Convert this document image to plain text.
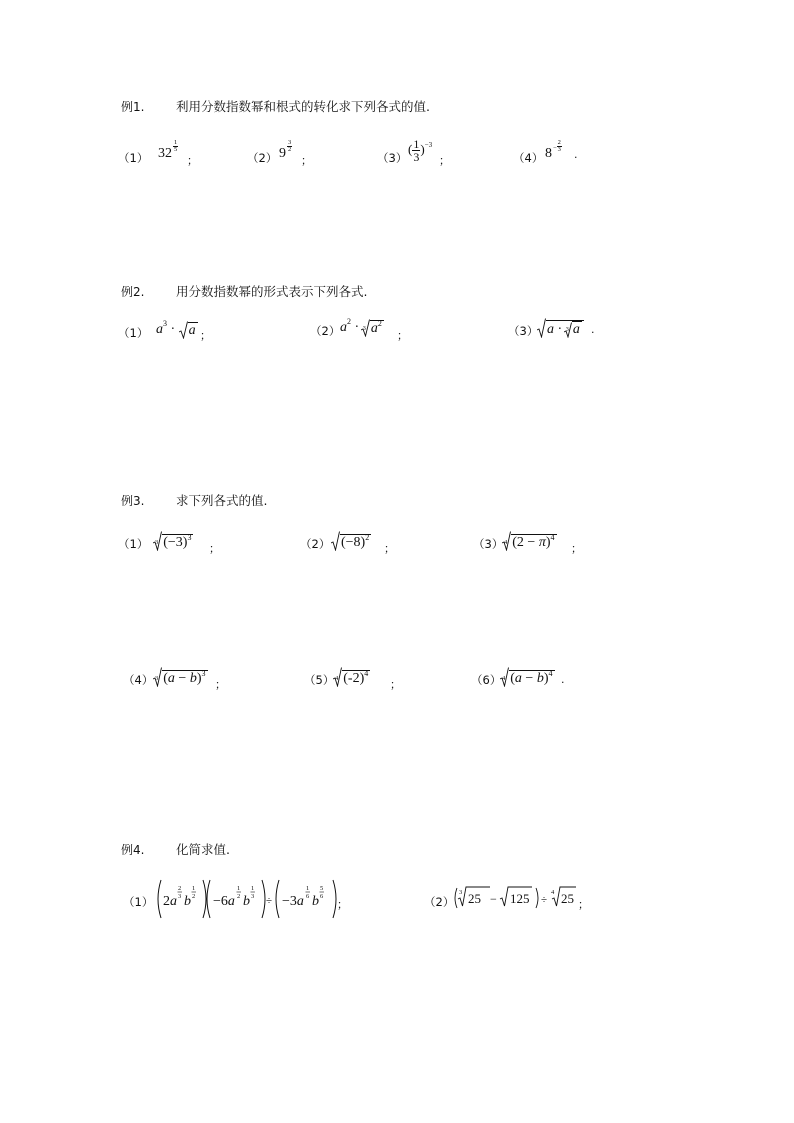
例1.	利用分数指数幂和根式的转化求下列各式的值.
（1） $32 \frac{1}{5}$
；	（2） $9 \frac{3}{2}$
；	（3）
( $\frac{1}{3} )^{-3}$
；	（4） $8^- \frac{2}{3}$
.
例2.	用分数指数幂的形式表示下列各式.
（1） $a^3 \cdot a$ ；	（2） $a^2 \cdot 3$ $a^2$
；	（3） a · 3 a .
例3.	求下列各式的值.
（1） 3 $(-3)^3$
；	（2） $(-8)^2$
；	（3） 4 $(2 - \pi)^4$
；
（4） 3 $(a - b)^3$
；	（5） 4 $(-2)^4$
；	（6） 4 $(a - b)^4$ .
例4.	化简求值.
（1） 2a
2
3 b
1
2 −6a
1
2 b
1
3 ÷ −3a
1
6 b
5
6
；	（2）
3 25 − 125 ÷
4 25 ；
